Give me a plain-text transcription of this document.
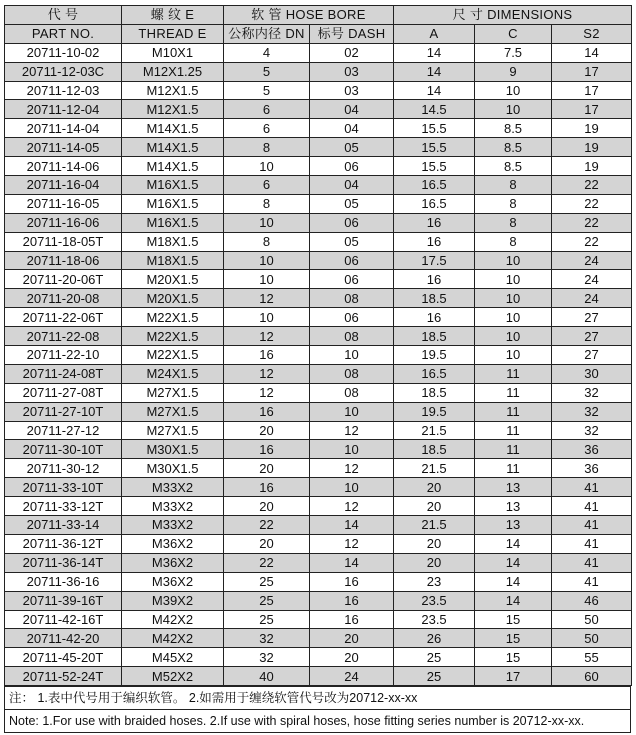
代 号	螺 纹 E	软 管 HOSE BORE		尺 寸 DIMENSIONS		
PART NO.	THREAD E	公称内径 DN	标号 DASH	A	C	S2
20711-10-02	M10X1	4	02	14	7.5	14
20711-12-03C	M12X1.25	5	03	14	9	17
20711-12-03	M12X1.5	5	03	14	10	17
20711-12-04	M12X1.5	6	04	14.5	10	17
20711-14-04	M14X1.5	6	04	15.5	8.5	19
20711-14-05	M14X1.5	8	05	15.5	8.5	19
20711-14-06	M14X1.5	10	06	15.5	8.5	19
20711-16-04	M16X1.5	6	04	16.5	8	22
20711-16-05	M16X1.5	8	05	16.5	8	22
20711-16-06	M16X1.5	10	06	16	8	22
20711-18-05T	M18X1.5	8	05	16	8	22
20711-18-06	M18X1.5	10	06	17.5	10	24
20711-20-06T	M20X1.5	10	06	16	10	24
20711-20-08	M20X1.5	12	08	18.5	10	24
20711-22-06T	M22X1.5	10	06	16	10	27
20711-22-08	M22X1.5	12	08	18.5	10	27
20711-22-10	M22X1.5	16	10	19.5	10	27
20711-24-08T	M24X1.5	12	08	16.5	11	30
20711-27-08T	M27X1.5	12	08	18.5	11	32
20711-27-10T	M27X1.5	16	10	19.5	11	32
20711-27-12	M27X1.5	20	12	21.5	11	32
20711-30-10T	M30X1.5	16	10	18.5	11	36
20711-30-12	M30X1.5	20	12	21.5	11	36
20711-33-10T	M33X2	16	10	20	13	41
20711-33-12T	M33X2	20	12	20	13	41
20711-33-14	M33X2	22	14	21.5	13	41
20711-36-12T	M36X2	20	12	20	14	41
20711-36-14T	M36X2	22	14	20	14	41
20711-36-16	M36X2	25	16	23	14	41
20711-39-16T	M39X2	25	16	23.5	14	46
20711-42-16T	M42X2	25	16	23.5	15	50
20711-42-20	M42X2	32	20	26	15	50
20711-45-20T	M45X2	32	20	25	15	55
20711-52-24T	M52X2	40	24	25	17	60
注： 1.表中代号用于编织软管。 2.如需用于缠绕软管代号改为20712-xx-xx
Note: 1.For use with braided hoses. 2.If use with spiral hoses, hose fitting series number is 20712-xx-xx.
